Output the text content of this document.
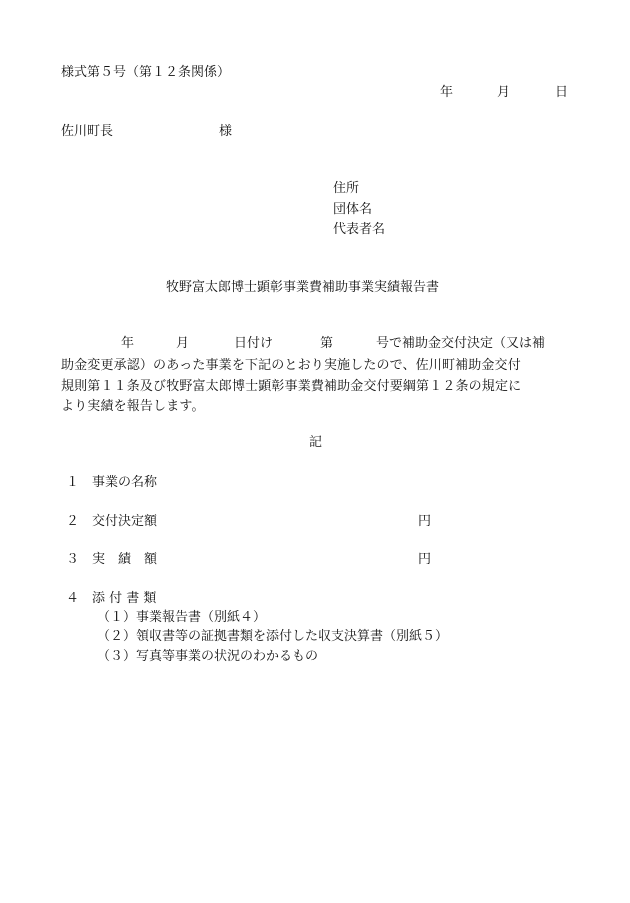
様式第５号（第１２条関係）
年	月	日
佐川町長	様
住所
団体名
代表者名
牧野富太郎博士顕彰事業費補助事業実績報告書
年	月	日付け	第	号で補助金交付決定（又は補
助金変更承認）のあった事業を下記のとおり実施したので、佐川町補助金交付
規則第１１条及び牧野富太郎博士顕彰事業費補助金交付要綱第１２条の規定に
より実績を報告します。
記
１ 事業の名称
２ 交付決定額	円
３ 実　績　額	円
４ 添 付 書 類
（１）事業報告書（別紙４）
（２）領収書等の証拠書類を添付した収支決算書（別紙５）
（３）写真等事業の状況のわかるもの
